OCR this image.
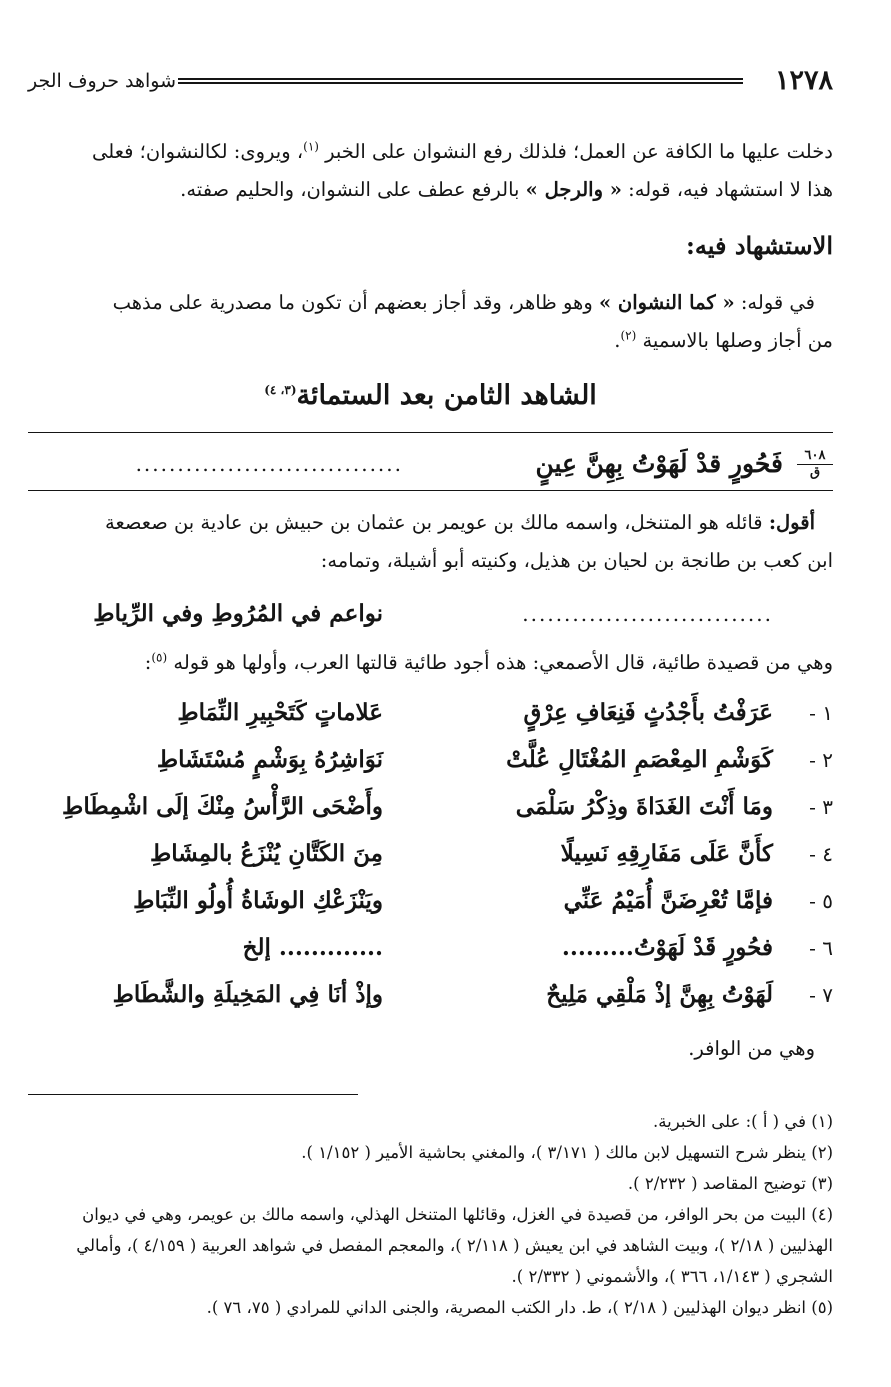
١٢٧٨
شواهد حروف الجر
دخلت عليها ما الكافة عن العمل؛ فلذلك رفع النشوان على الخبر $^{(١)}$، ويروى: لكالنشوان؛ فعلى
هذا لا استشهاد فيه، قوله: « والرجل » بالرفع عطف على النشوان، والحليم صفته.
الاستشهاد فيه:
في قوله: « كما النشوان » وهو ظاهر، وقد أجاز بعضهم أن تكون ما مصدرية على مذهب
من أجاز وصلها بالاسمية $^{(٢)}$.
الشاهد الثامن بعد الستمائة$^{(٣، ٤)}$
٦٠٨
ق
فَحُورٍ قدْ لَهَوْتُ بِهِنَّ عِينٍ
................................
أقول: قائله هو المتنخل، واسمه مالك بن عويمر بن عثمان بن حبيش بن عادية بن صعصعة
ابن كعب بن طانجة بن لحيان بن هذيل، وكنيته أبو أشيلة، وتمامه:
..............................
نواعم في المُرُوطِ وفي الرِّياطِ
وهي من قصيدة طائية، قال الأصمعي: هذه أجود طائية قالتها العرب، وأولها هو قوله $^{(٥)}$:
١ -
عَرَفْتُ بأَجْدُثٍ فَنِعَافِ عِرْقٍ
عَلاماتٍ كَتَحْبِيرِ النِّمَاطِ
٢ -
كَوَشْمِ المِعْصَمِ المُغْتَالِ عُلَّتْ
نَوَاشِرُهُ بِوَشْمٍ مُسْتَشَاطِ
٣ -
ومَا أَنْتَ الغَدَاةَ وذِكْرُ سَلْمَى
وأَضْحَى الرَّأْسُ مِنْكَ إلَى اشْمِطَاطِ
٤ -
كأَنَّ عَلَى مَفَارِقِهِ نَسِيلًا
مِنَ الكَتَّانِ يُنْزَعُ بالمِشَاطِ
٥ -
فإمَّا تُعْرِضَنَّ أُمَيْمُ عَنِّي
ويَنْزَعْكِ الوشَاةُ أُولُو النِّبَاطِ
٦ -
فحُورٍ قَدْ لَهَوْتُ.........
............. إلخ
٧ -
لَهَوْتُ بِهِنَّ إذْ مَلْقِي مَلِيحٌ
وإذْ أنَا فِي المَخِيلَةِ والشَّطَاطِ
وهي من الوافر.
(١) في ( أ ): على الخبرية.
(٢) ينظر شرح التسهيل لابن مالك ( ٣/١٧١ )، والمغني بحاشية الأمير ( ١/١٥٢ ).
(٣) توضيح المقاصد ( ٢/٢٣٢ ).
(٤) البيت من بحر الوافر، من قصيدة في الغزل، وقائلها المتنخل الهذلي، واسمه مالك بن عويمر، وهي في ديوان
الهذليين ( ٢/١٨ )، وبيت الشاهد في ابن يعيش ( ٢/١١٨ )، والمعجم المفصل في شواهد العربية ( ٤/١٥٩ )، وأمالي
الشجري ( ١/١٤٣، ٣٦٦ )، والأشموني ( ٢/٣٣٢ ).
(٥) انظر ديوان الهذليين ( ٢/١٨ )، ط. دار الكتب المصرية، والجنى الداني للمرادي ( ٧٥، ٧٦ ).
